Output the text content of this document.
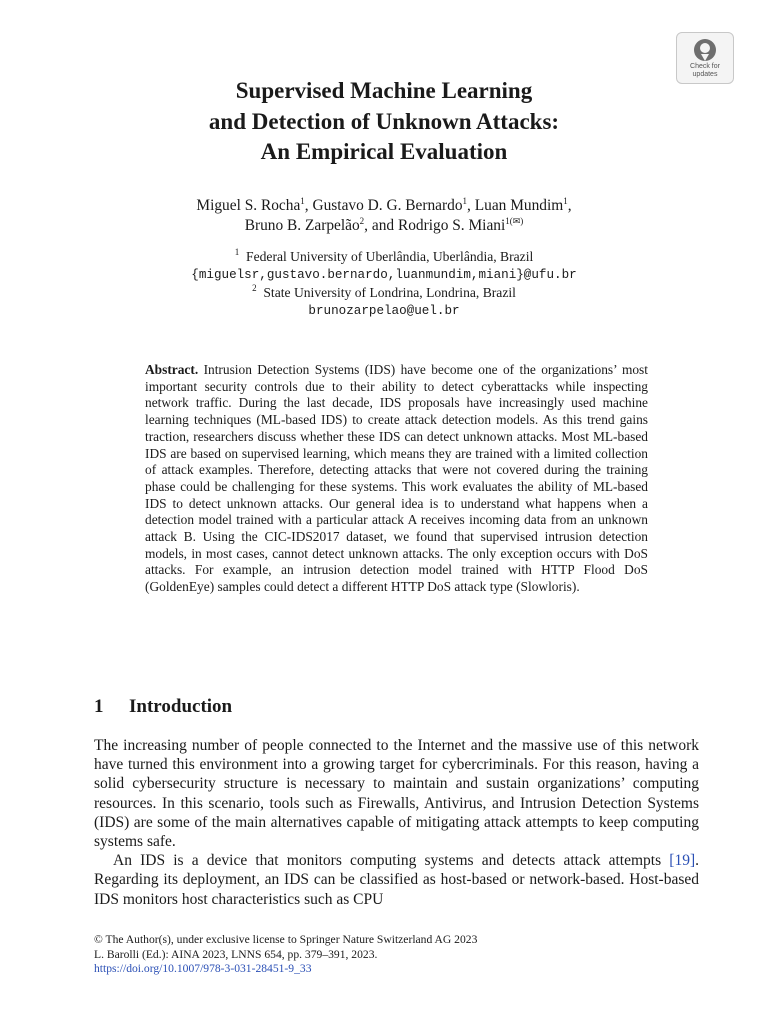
Check for
updates
Supervised Machine Learning
and Detection of Unknown Attacks:
An Empirical Evaluation
Miguel S. Rocha$^1$, Gustavo D. G. Bernardo$^1$, Luan Mundim$^1$,
Bruno B. Zarpelão$^2$, and Rodrigo S. Miani$^{1(✉)}$
$^1$ Federal University of Uberlândia, Uberlândia, Brazil
{miguelsr,gustavo.bernardo,luanmundim,miani}@ufu.br
$^2$ State University of Londrina, Londrina, Brazil
brunozarpelao@uel.br
Abstract. Intrusion Detection Systems (IDS) have become one of the organizations’ most important security controls due to their ability to detect cyberattacks while inspecting network traffic. During the last decade, IDS proposals have increasingly used machine learning techniques (ML-based IDS) to create attack detection models. As this trend gains traction, researchers discuss whether these IDS can detect unknown attacks. Most ML-based IDS are based on supervised learning, which means they are trained with a limited collection of attack examples. Therefore, detecting attacks that were not covered during the training phase could be challenging for these systems. This work evaluates the ability of ML-based IDS to detect unknown attacks. Our general idea is to understand what happens when a detection model trained with a particular attack A receives incoming data from an unknown attack B. Using the CIC-IDS2017 dataset, we found that supervised intrusion detection models, in most cases, cannot detect unknown attacks. The only exception occurs with DoS attacks. For example, an intrusion detection model trained with HTTP Flood DoS (GoldenEye) samples could detect a different HTTP DoS attack type (Slowloris).
1 Introduction

The increasing number of people connected to the Internet and the massive use of this network have turned this environment into a growing target for cybercriminals. For this reason, having a solid cybersecurity structure is necessary to maintain and sustain organizations’ computing resources. In this scenario, tools such as Firewalls, Antivirus, and Intrusion Detection Systems (IDS) are some of the main alternatives capable of mitigating attack attempts to keep computing systems safe.

An IDS is a device that monitors computing systems and detects attack attempts [19]. Regarding its deployment, an IDS can be classified as host-based or network-based. Host-based IDS monitors host characteristics such as CPU

© The Author(s), under exclusive license to Springer Nature Switzerland AG 2023
L. Barolli (Ed.): AINA 2023, LNNS 654, pp. 379–391, 2023.
https://doi.org/10.1007/978-3-031-28451-9_33
